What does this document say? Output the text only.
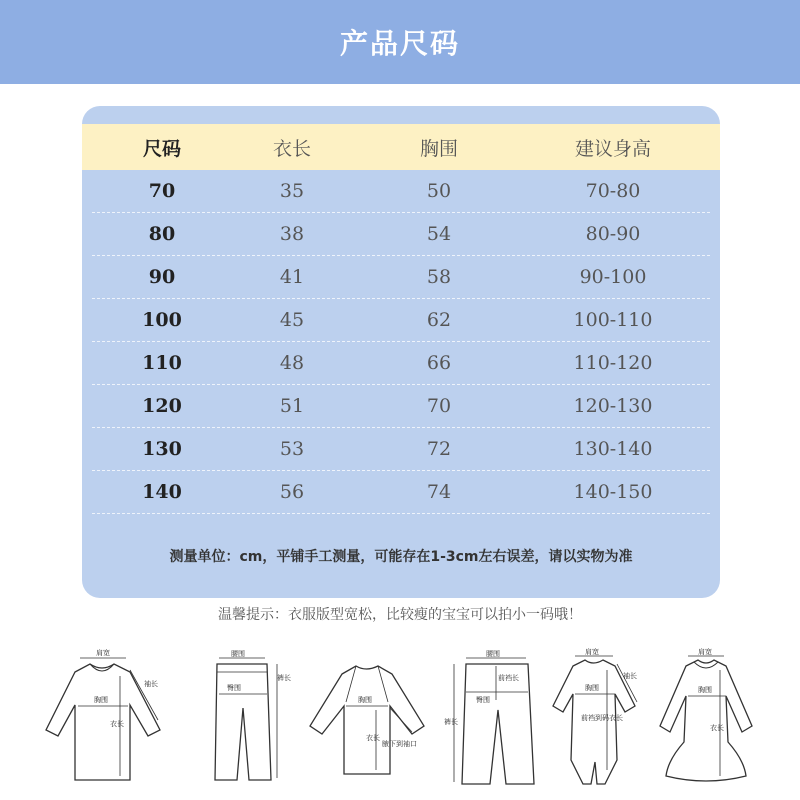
产品尺码
尺码	衣长	胸围	建议身高
70	35	50	70-80
80	38	54	80-90
90	41	58	90-100
100	45	62	100-110
110	48	66	110-120
120	51	70	120-130
130	53	72	130-140
140	56	74	140-150
测量单位：cm，平铺手工测量，可能存在1-3cm左右误差，请以实物为准
温馨提示：衣服版型宽松，比较瘦的宝宝可以拍小一码哦！
肩宽
袖长
胸围
衣长
腰围
臀围
裤长
胸围
衣长
腋下到袖口
腰围
前裆长
臀围
裤长
肩宽
袖长
胸围
前裆到码 衣长
肩宽
胸围
衣长
